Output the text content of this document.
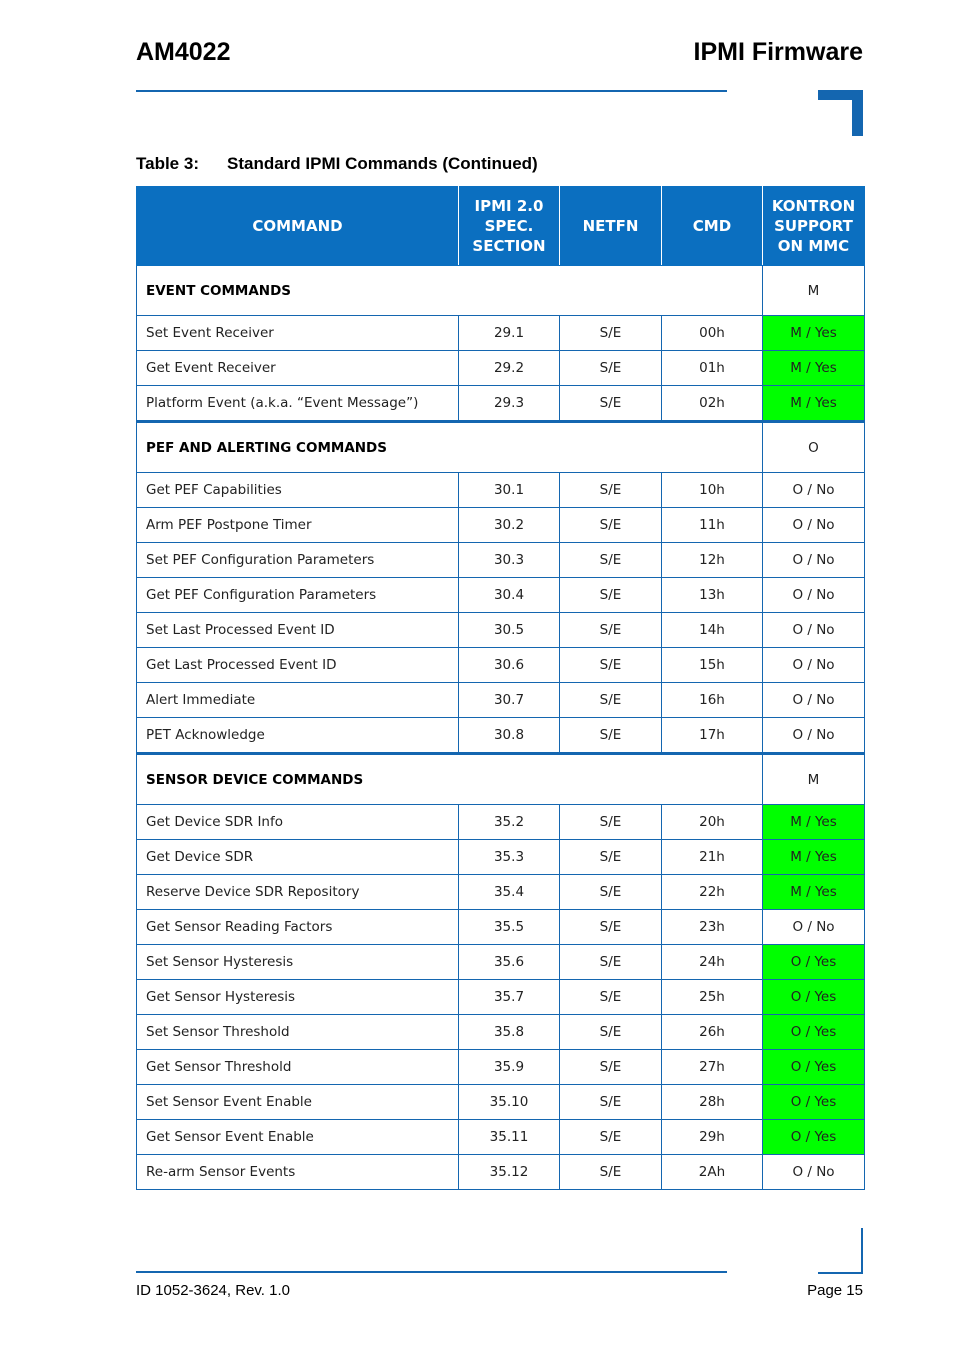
AM4022	IPMI Firmware
Table 3: Standard IPMI Commands (Continued)
COMMAND	IPMI 2.0 SPEC. SECTION	NETFN	CMD	KONTRON SUPPORT ON MMC
EVENT COMMANDS				M
Set Event Receiver	29.1	S/E	00h	M / Yes
Get Event Receiver	29.2	S/E	01h	M / Yes
Platform Event (a.k.a. “Event Message”)	29.3	S/E	02h	M / Yes
PEF AND ALERTING COMMANDS				O
Get PEF Capabilities	30.1	S/E	10h	O / No
Arm PEF Postpone Timer	30.2	S/E	11h	O / No
Set PEF Configuration Parameters	30.3	S/E	12h	O / No
Get PEF Configuration Parameters	30.4	S/E	13h	O / No
Set Last Processed Event ID	30.5	S/E	14h	O / No
Get Last Processed Event ID	30.6	S/E	15h	O / No
Alert Immediate	30.7	S/E	16h	O / No
PET Acknowledge	30.8	S/E	17h	O / No
SENSOR DEVICE COMMANDS				M
Get Device SDR Info	35.2	S/E	20h	M / Yes
Get Device SDR	35.3	S/E	21h	M / Yes
Reserve Device SDR Repository	35.4	S/E	22h	M / Yes
Get Sensor Reading Factors	35.5	S/E	23h	O / No
Set Sensor Hysteresis	35.6	S/E	24h	O / Yes
Get Sensor Hysteresis	35.7	S/E	25h	O / Yes
Set Sensor Threshold	35.8	S/E	26h	O / Yes
Get Sensor Threshold	35.9	S/E	27h	O / Yes
Set Sensor Event Enable	35.10	S/E	28h	O / Yes
Get Sensor Event Enable	35.11	S/E	29h	O / Yes
Re-arm Sensor Events	35.12	S/E	2Ah	O / No
ID 1052-3624, Rev. 1.0	Page 15
